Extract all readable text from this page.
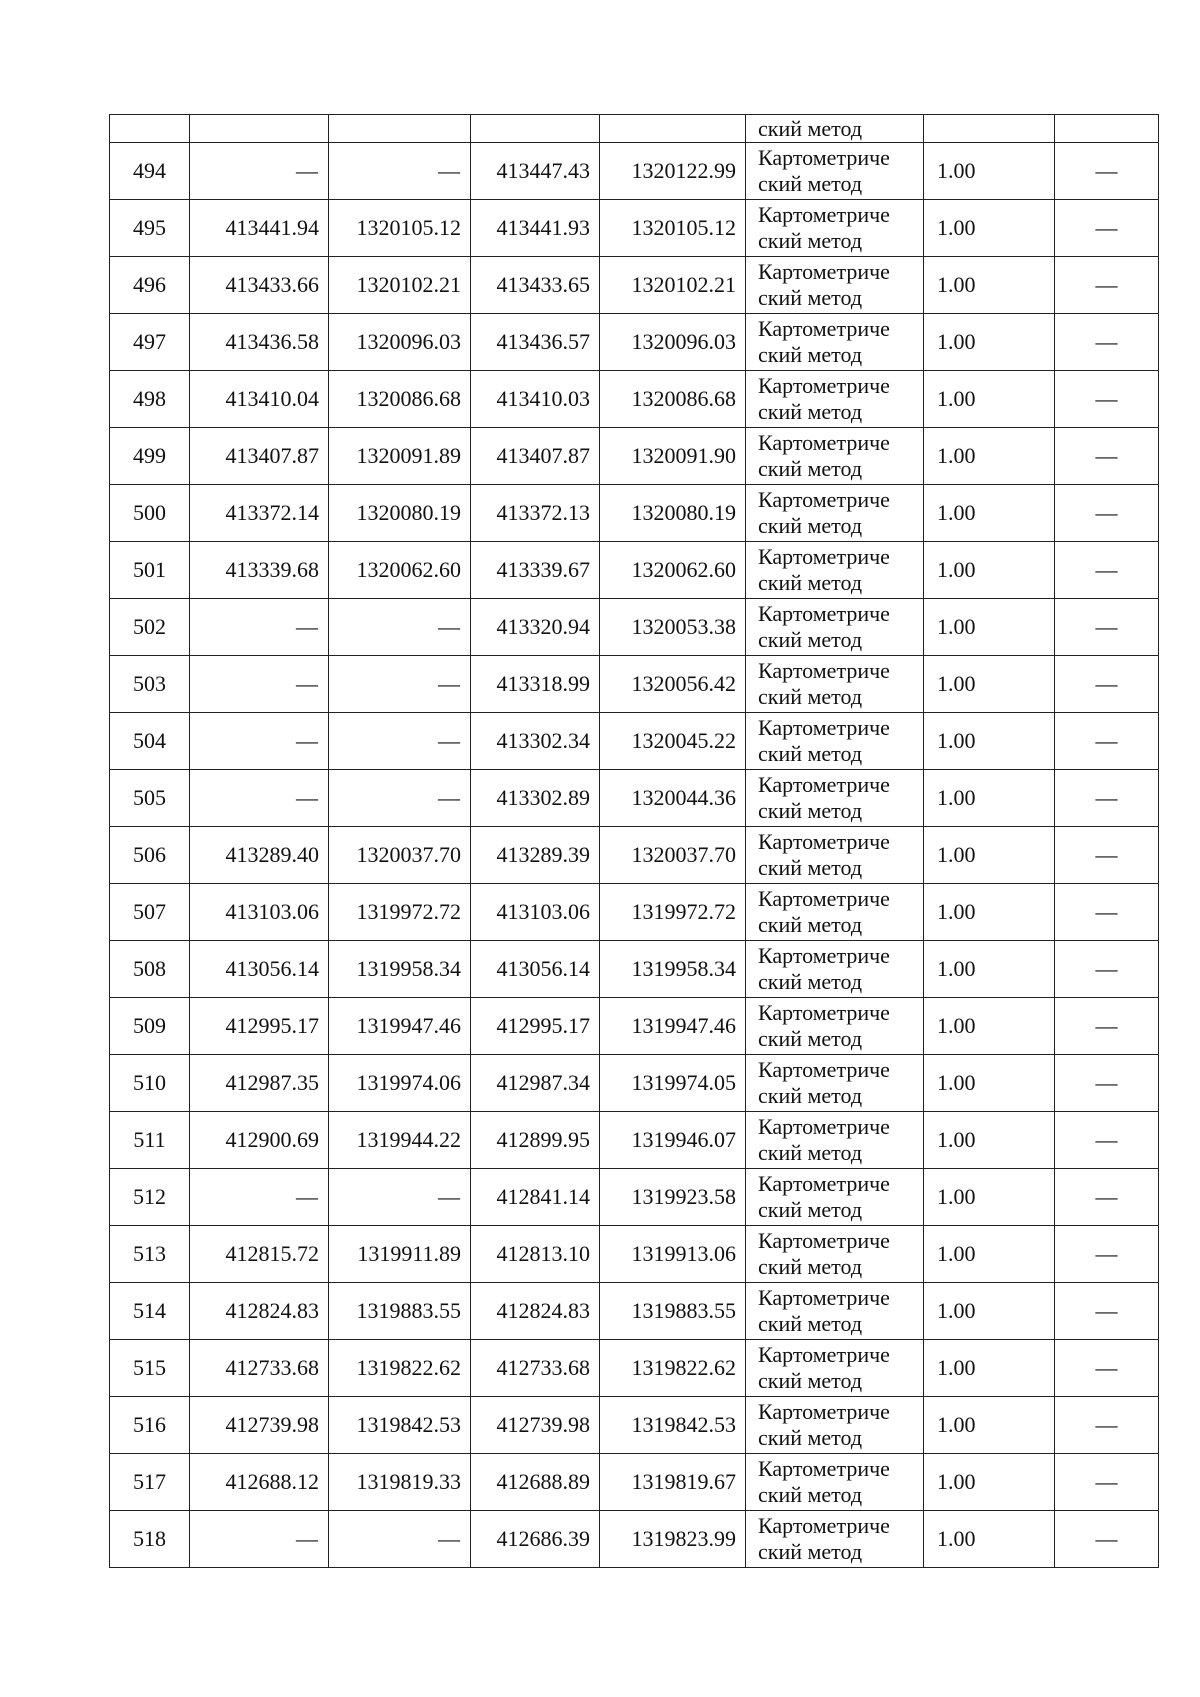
					ский метод		

494	—	—	413447.43	1320122.99	Картометриче
ский метод	1.00	—
495	413441.94	1320105.12	413441.93	1320105.12	Картометриче
ский метод	1.00	—
496	413433.66	1320102.21	413433.65	1320102.21	Картометриче
ский метод	1.00	—
497	413436.58	1320096.03	413436.57	1320096.03	Картометриче
ский метод	1.00	—
498	413410.04	1320086.68	413410.03	1320086.68	Картометриче
ский метод	1.00	—
499	413407.87	1320091.89	413407.87	1320091.90	Картометриче
ский метод	1.00	—
500	413372.14	1320080.19	413372.13	1320080.19	Картометриче
ский метод	1.00	—
501	413339.68	1320062.60	413339.67	1320062.60	Картометриче
ский метод	1.00	—
502	—	—	413320.94	1320053.38	Картометриче
ский метод	1.00	—
503	—	—	413318.99	1320056.42	Картометриче
ский метод	1.00	—
504	—	—	413302.34	1320045.22	Картометриче
ский метод	1.00	—
505	—	—	413302.89	1320044.36	Картометриче
ский метод	1.00	—
506	413289.40	1320037.70	413289.39	1320037.70	Картометриче
ский метод	1.00	—
507	413103.06	1319972.72	413103.06	1319972.72	Картометриче
ский метод	1.00	—
508	413056.14	1319958.34	413056.14	1319958.34	Картометриче
ский метод	1.00	—
509	412995.17	1319947.46	412995.17	1319947.46	Картометриче
ский метод	1.00	—
510	412987.35	1319974.06	412987.34	1319974.05	Картометриче
ский метод	1.00	—
511	412900.69	1319944.22	412899.95	1319946.07	Картометриче
ский метод	1.00	—
512	—	—	412841.14	1319923.58	Картометриче
ский метод	1.00	—
513	412815.72	1319911.89	412813.10	1319913.06	Картометриче
ский метод	1.00	—
514	412824.83	1319883.55	412824.83	1319883.55	Картометриче
ский метод	1.00	—
515	412733.68	1319822.62	412733.68	1319822.62	Картометриче
ский метод	1.00	—
516	412739.98	1319842.53	412739.98	1319842.53	Картометриче
ский метод	1.00	—
517	412688.12	1319819.33	412688.89	1319819.67	Картометриче
ский метод	1.00	—
518	—	—	412686.39	1319823.99	Картометриче
ский метод	1.00	—
